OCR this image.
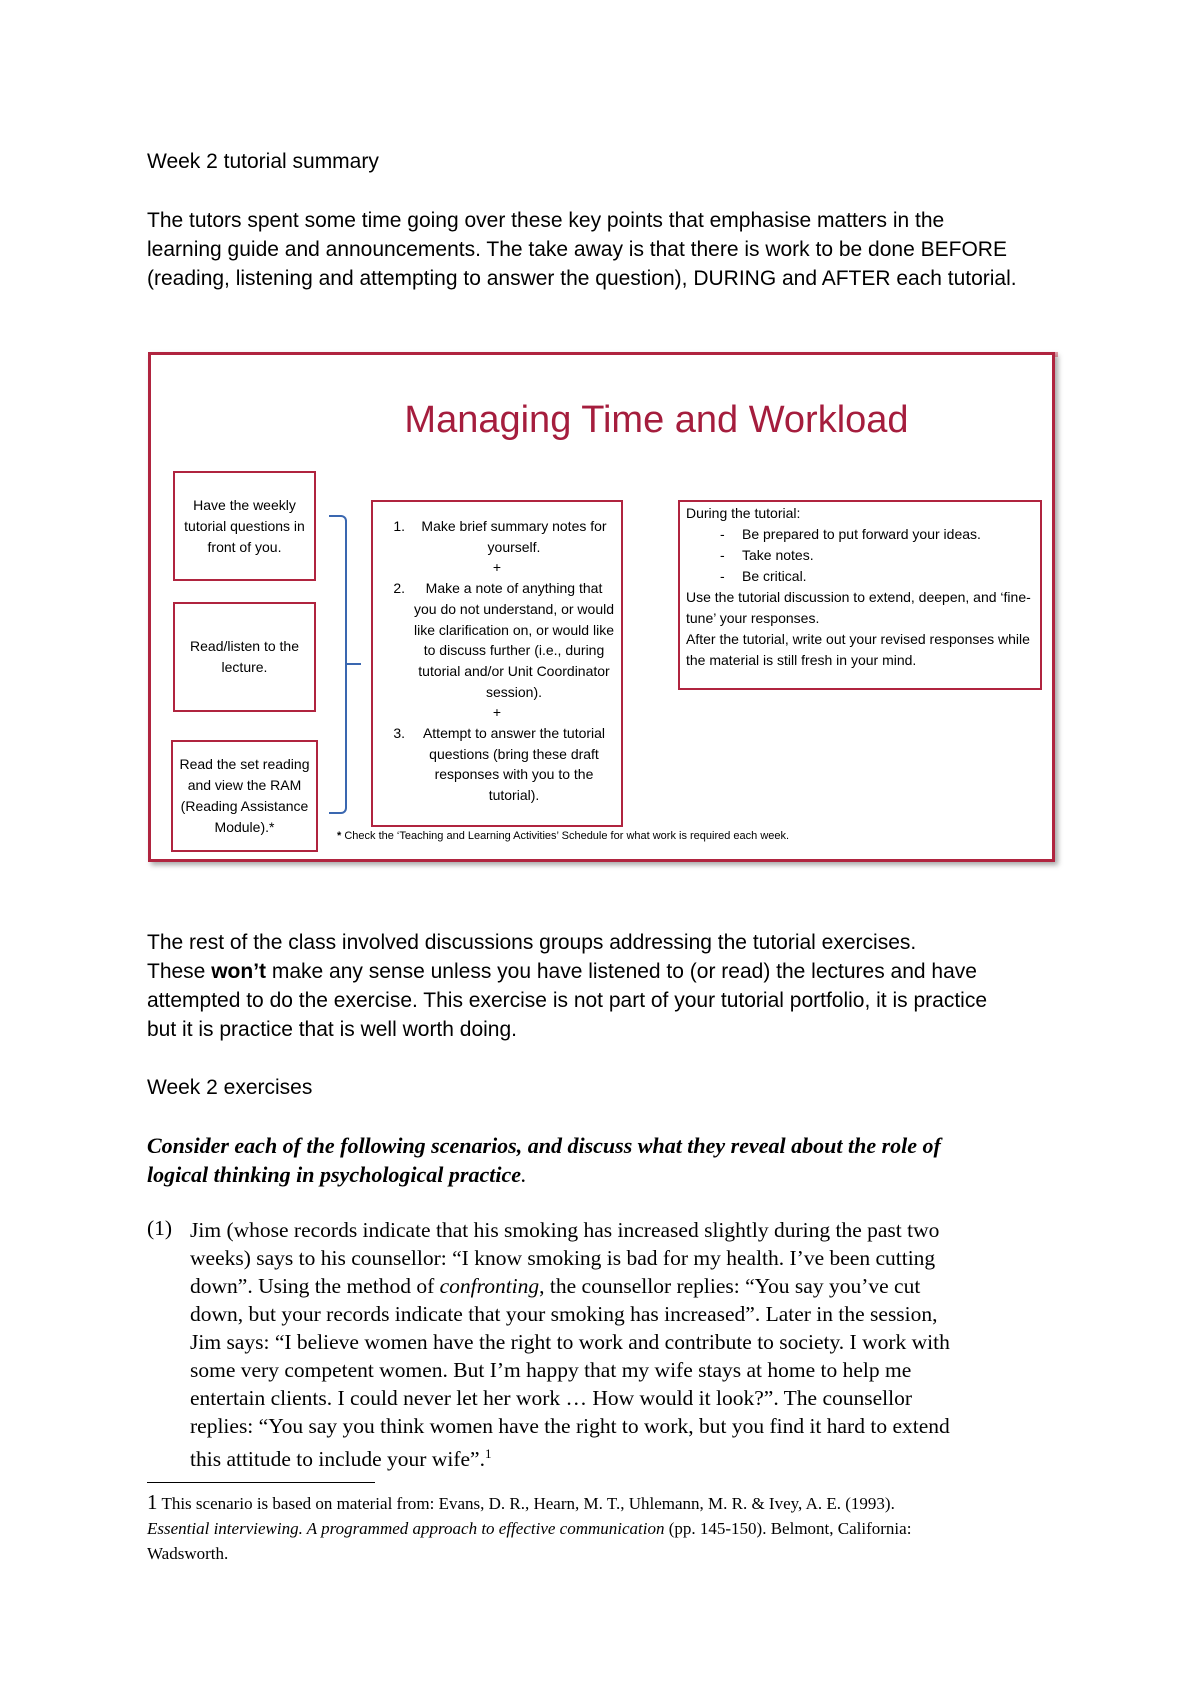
Week 2 tutorial summary

The tutors spent some time going over these key points that emphasise matters in the

learning guide and announcements. The take away is that there is work to be done BEFORE

(reading, listening and attempting to answer the question), DURING and AFTER each tutorial.

Managing Time and Workload
Have the weekly tutorial questions in front of you.
Read/listen to the lecture.
Read the set reading and view the RAM (Reading Assistance Module).*
1.	Make brief summary notes for yourself.
+
2.	Make a note of anything that you do not understand, or would like clarification on, or would like to discuss further (i.e., during tutorial and/or Unit Coordinator session).
+
3.	Attempt to answer the tutorial questions (bring these draft responses with you to the tutorial).
During the tutorial:
-	Be prepared to put forward your ideas.
-	Take notes.
-	Be critical.
Use the tutorial discussion to extend, deepen, and ‘fine-tune’ your responses.
After the tutorial, write out your revised responses while the material is still fresh in your mind.
* Check the ‘Teaching and Learning Activities’ Schedule for what work is required each week.

The rest of the class involved discussions groups addressing the tutorial exercises.

These won’t make any sense unless you have listened to (or read) the lectures and have

attempted to do the exercise. This exercise is not part of your tutorial portfolio, it is practice

but it is practice that is well worth doing.

Week 2 exercises

Consider each of the following scenarios, and discuss what they reveal about the role of

logical thinking in psychological practice.

(1) Jim (whose records indicate that his smoking has increased slightly during the past two
weeks) says to his counsellor: “I know smoking is bad for my health. I’ve been cutting
down”. Using the method of confronting, the counsellor replies: “You say you’ve cut
down, but your records indicate that your smoking has increased”. Later in the session,
Jim says: “I believe women have the right to work and contribute to society. I work with
some very competent women. But I’m happy that my wife stays at home to help me
entertain clients. I could never let her work … How would it look?”. The counsellor
replies: “You say you think women have the right to work, but you find it hard to extend
this attitude to include your wife”.$^1$
1 This scenario is based on material from: Evans, D. R., Hearn, M. T., Uhlemann, M. R. & Ivey, A. E. (1993).
Essential interviewing. A programmed approach to effective communication (pp. 145-150). Belmont, California:
Wadsworth.
